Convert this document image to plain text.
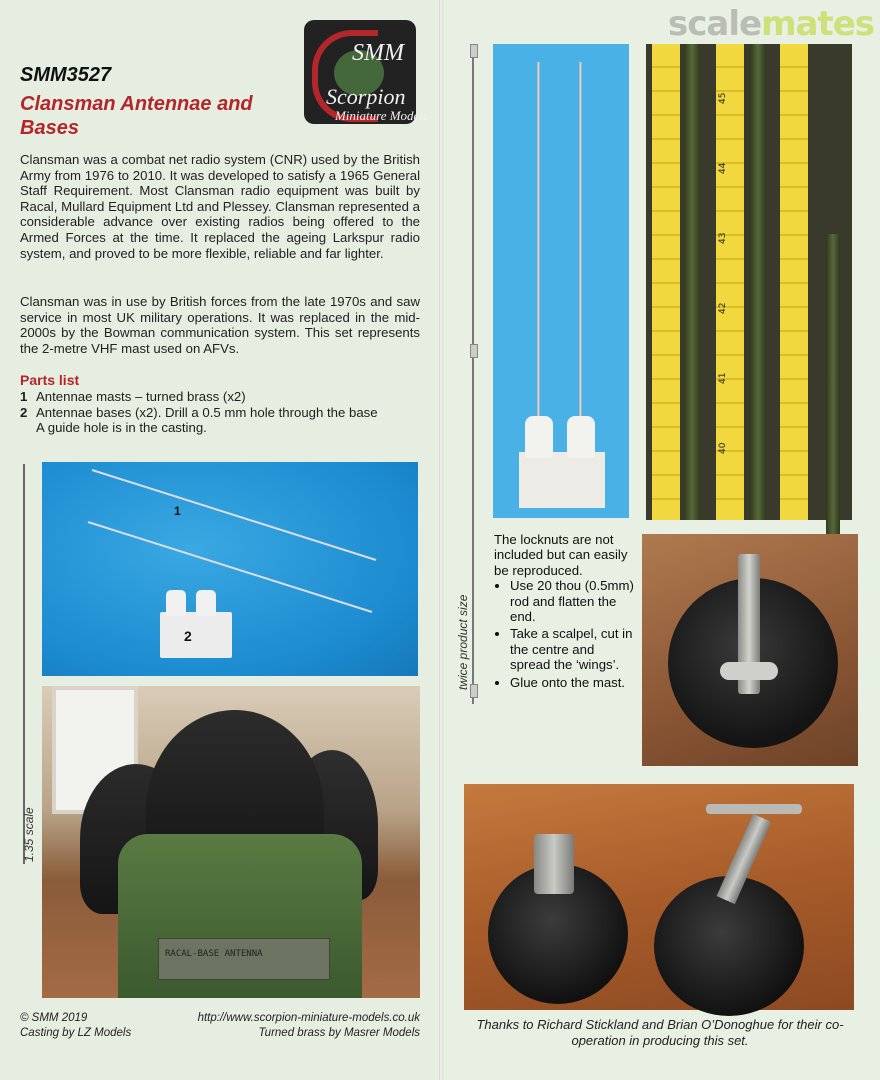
scalemates
SMM
Scorpion
Miniature Models
SMM3527
Clansman Antennae and Bases
Clansman was a combat net radio system (CNR) used by the British Army from 1976 to 2010. It was developed to satisfy a 1965 General Staff Requirement. Most Clansman radio equipment was built by Racal, Mullard Equipment Ltd and Plessey. Clansman represented a considerable advance over existing radios being offered to the Armed Forces at the time. It replaced the ageing Larkspur radio system, and proved to be more flexible, reliable and far lighter.
Clansman was in use by British forces from the late 1970s and saw service in most UK military operations. It was replaced in the mid-2000s by the Bowman communication system. This set represents the 2-metre VHF mast used on AFVs.
Parts list
1 Antennae masts – turned brass (x2)
2 Antennae bases (x2). Drill a 0.5 mm hole through the base
A guide hole is in the casting.
1.35 scale
1
2
RACAL-BASE ANTENNA
© SMM 2019
Casting by LZ Models
http://www.scorpion-miniature-models.co.uk
Turned brass by Masrer Models
twice product size
45
44
43
42
41
40
The locknuts are not included but can easily be reproduced.
• Use 20 thou (0.5mm) rod and flatten the end.
• Take a scalpel, cut in the centre and spread the ‘wings’.
• Glue onto the mast.
Thanks to Richard Stickland and Brian O’Donoghue for their co-operation in producing this set.
